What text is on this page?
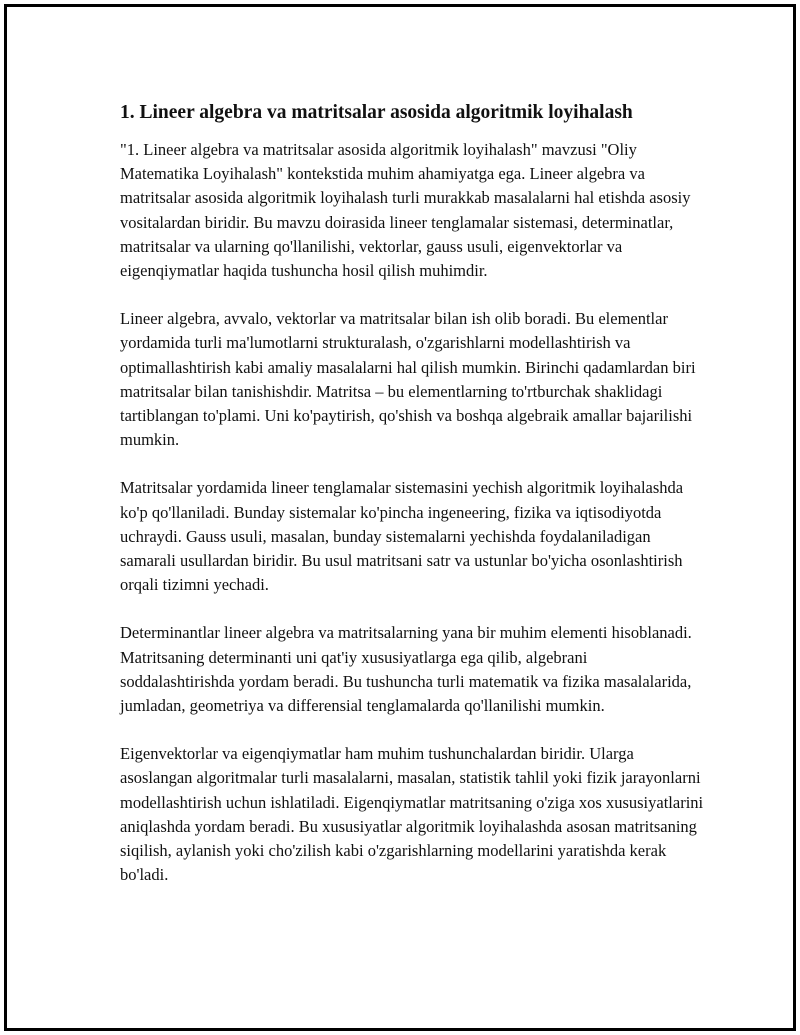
1. Lineer algebra va matritsalar asosida algoritmik loyihalash

"1. Lineer algebra va matritsalar asosida algoritmik loyihalash" mavzusi "Oliy Matematika Loyihalash" kontekstida muhim ahamiyatga ega. Lineer algebra va matritsalar asosida algoritmik loyihalash turli murakkab masalalarni hal etishda asosiy vositalardan biridir. Bu mavzu doirasida lineer tenglamalar sistemasi, determinatlar, matritsalar va ularning qo'llanilishi, vektorlar, gauss usuli, eigenvektorlar va eigenqiymatlar haqida tushuncha hosil qilish muhimdir.

Lineer algebra, avvalo, vektorlar va matritsalar bilan ish olib boradi. Bu elementlar yordamida turli ma'lumotlarni strukturalash, o'zgarishlarni modellashtirish va optimallashtirish kabi amaliy masalalarni hal qilish mumkin. Birinchi qadamlardan biri matritsalar bilan tanishishdir. Matritsa – bu elementlarning to'rtburchak shaklidagi tartiblangan to'plami. Uni ko'paytirish, qo'shish va boshqa algebraik amallar bajarilishi mumkin.

Matritsalar yordamida lineer tenglamalar sistemasini yechish algoritmik loyihalashda ko'p qo'llaniladi. Bunday sistemalar ko'pincha ingeneering, fizika va iqtisodiyotda uchraydi. Gauss usuli, masalan, bunday sistemalarni yechishda foydalaniladigan samarali usullardan biridir. Bu usul matritsani satr va ustunlar bo'yicha osonlashtirish orqali tizimni yechadi.

Determinantlar lineer algebra va matritsalarning yana bir muhim elementi hisoblanadi. Matritsaning determinanti uni qat'iy xususiyatlarga ega qilib, algebrani soddalashtirishda yordam beradi. Bu tushuncha turli matematik va fizika masalalarida, jumladan, geometriya va differensial tenglamalarda qo'llanilishi mumkin.

Eigenvektorlar va eigenqiymatlar ham muhim tushunchalardan biridir. Ularga asoslangan algoritmalar turli masalalarni, masalan, statistik tahlil yoki fizik jarayonlarni modellashtirish uchun ishlatiladi. Eigenqiymatlar matritsaning o'ziga xos xususiyatlarini aniqlashda yordam beradi. Bu xususiyatlar algoritmik loyihalashda asosan matritsaning siqilish, aylanish yoki cho'zilish kabi o'zgarishlarning modellarini yaratishda kerak bo'ladi.
